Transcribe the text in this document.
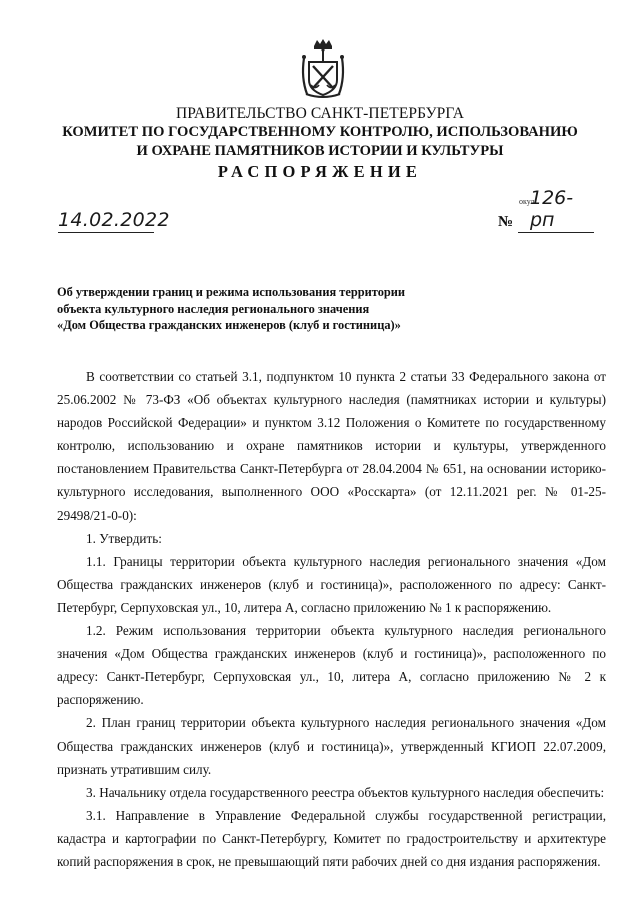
ПРАВИТЕЛЬСТВО САНКТ-ПЕТЕРБУРГА
КОМИТЕТ ПО ГОСУДАРСТВЕННОМУ КОНТРОЛЮ, ИСПОЛЬЗОВАНИЮ
И ОХРАНЕ ПАМЯТНИКОВ ИСТОРИИ И КУЛЬТУРЫ
РАСПОРЯЖЕНИЕ
окул
14.02.2022	№
126-рп
Об утверждении границ и режима использования территории
объекта культурного наследия регионального значения
«Дом Общества гражданских инженеров (клуб и гостиница)»

В соответствии со статьей 3.1, подпунктом 10 пункта 2 статьи 33 Федерального закона от 25.06.2002 № 73-ФЗ «Об объектах культурного наследия (памятниках истории и культуры) народов Российской Федерации» и пунктом 3.12 Положения о Комитете по государственному контролю, использованию и охране памятников истории и культуры, утвержденного постановлением Правительства Санкт-Петербурга от 28.04.2004 № 651, на основании историко-культурного исследования, выполненного ООО «Росскарта» (от 12.11.2021 рег. № 01-25-29498/21-0-0):

1. Утвердить:

1.1. Границы территории объекта культурного наследия регионального значения «Дом Общества гражданских инженеров (клуб и гостиница)», расположенного по адресу: Санкт-Петербург, Серпуховская ул., 10, литера А, согласно приложению № 1 к распоряжению.

1.2. Режим использования территории объекта культурного наследия регионального значения «Дом Общества гражданских инженеров (клуб и гостиница)», расположенного по адресу: Санкт-Петербург, Серпуховская ул., 10, литера А, согласно приложению № 2 к распоряжению.

2. План границ территории объекта культурного наследия регионального значения «Дом Общества гражданских инженеров (клуб и гостиница)», утвержденный КГИОП 22.07.2009, признать утратившим силу.

3. Начальнику отдела государственного реестра объектов культурного наследия обеспечить:

3.1. Направление в Управление Федеральной службы государственной регистрации, кадастра и картографии по Санкт-Петербургу, Комитет по градостроительству и архитектуре копий распоряжения в срок, не превышающий пяти рабочих дней со дня издания распоряжения.
